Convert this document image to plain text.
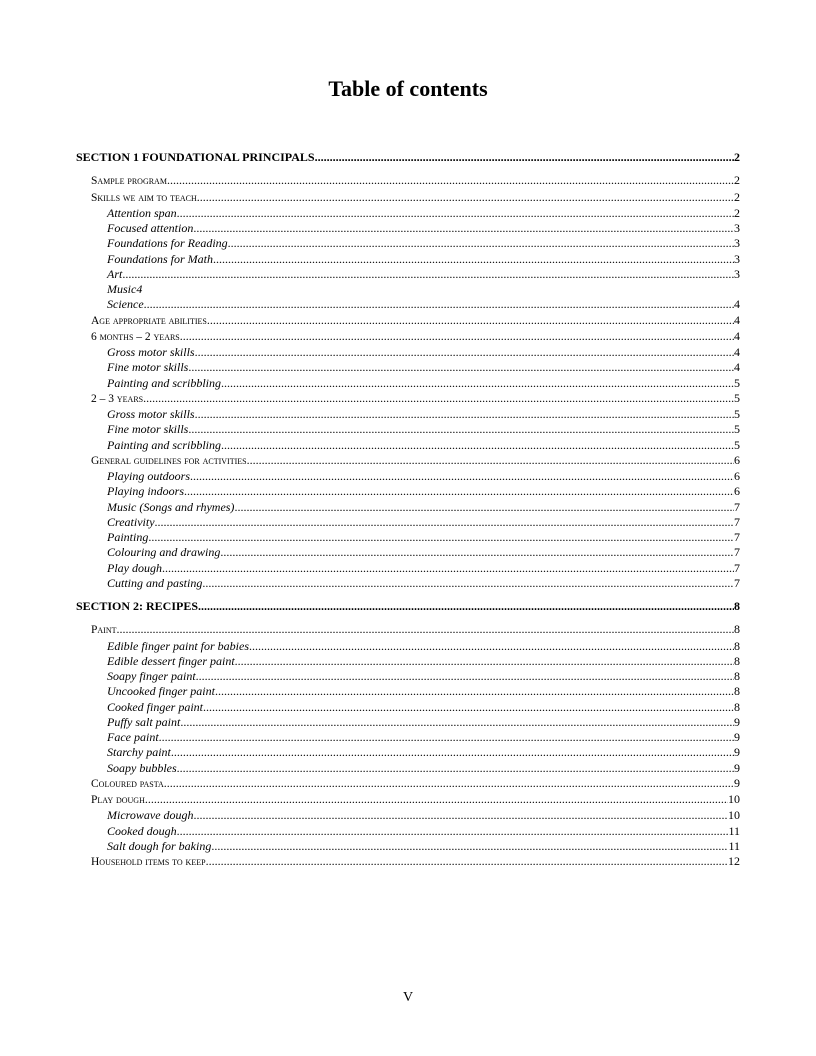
Table of contents
SECTION 1 FOUNDATIONAL PRINCIPALS .....	2
Sample program .....	2
Skills we aim to teach .....	2
Attention span .....	2
Focused attention .....	3
Foundations for Reading .....	3
Foundations for Math .....	3
Art .....	3
Music4
Science .....	4
Age appropriate abilities .....	4
6 months – 2 years .....	4
Gross motor skills .....	4
Fine motor skills .....	4
Painting and scribbling .....	5
2 – 3 years .....	5
Gross motor skills .....	5
Fine motor skills .....	5
Painting and scribbling .....	5
General guidelines for activities .....	6
Playing outdoors .....	6
Playing indoors .....	6
Music (Songs and rhymes) .....	7
Creativity .....	7
Painting .....	7
Colouring and drawing .....	7
Play dough .....	7
Cutting and pasting .....	7
SECTION 2: RECIPES .....	8
Paint .....	8
Edible finger paint for babies .....	8
Edible dessert finger paint .....	8
Soapy finger paint .....	8
Uncooked finger paint .....	8
Cooked finger paint .....	8
Puffy salt paint .....	9
Face paint .....	9
Starchy paint .....	9
Soapy bubbles .....	9
Coloured pasta .....	9
Play dough .....	10
Microwave dough .....	10
Cooked dough .....	11
Salt dough for baking .....	11
Household items to keep .....	12
V
